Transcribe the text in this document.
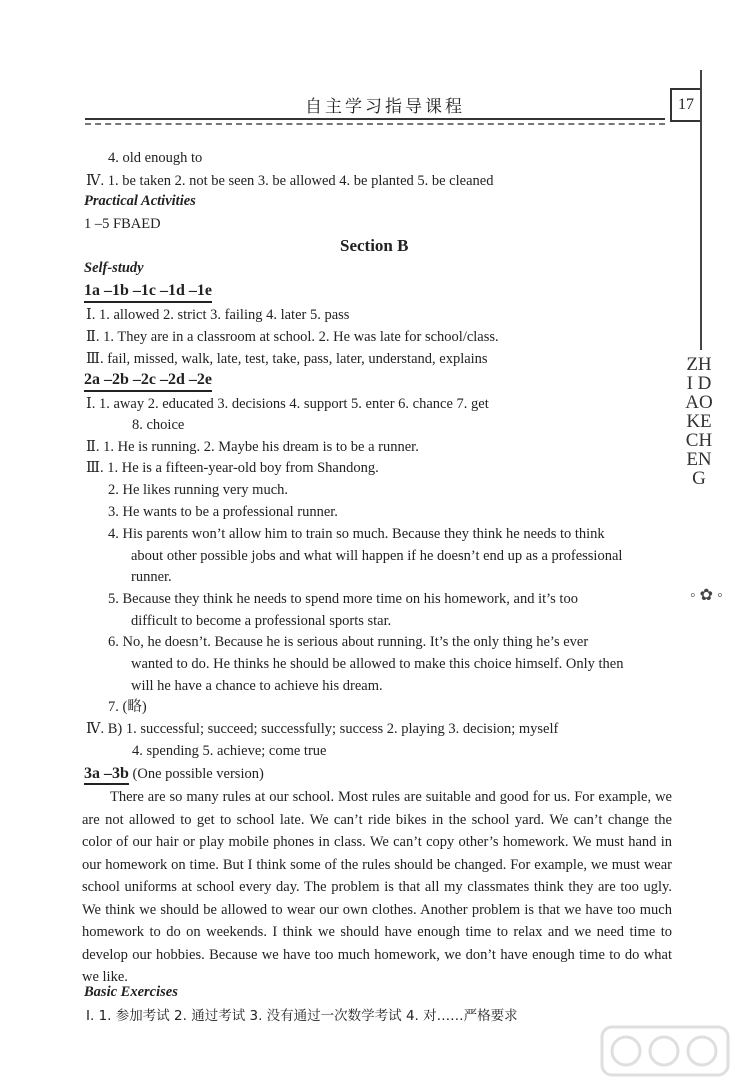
自主学习指导课程	17
ZHI DAO KE CHENG
◦ ✿ ◦
4. old enough to
Ⅳ. 1. be taken 2. not be seen 3. be allowed 4. be planted 5. be cleaned
Practical Activities
1 –5 FBAED
Section B
Self-study
1a –1b –1c –1d –1e
Ⅰ. 1. allowed 2. strict 3. failing 4. later 5. pass
Ⅱ. 1. They are in a classroom at school. 2. He was late for school/class.
Ⅲ. fail, missed, walk, late, test, take, pass, later, understand, explains
2a –2b –2c –2d –2e
Ⅰ. 1. away 2. educated 3. decisions 4. support 5. enter 6. chance 7. get
8. choice
Ⅱ. 1. He is running. 2. Maybe his dream is to be a runner.
Ⅲ. 1. He is a fifteen-year-old boy from Shandong.
2. He likes running very much.
3. He wants to be a professional runner.
4. His parents won’t allow him to train so much. Because they think he needs to think
about other possible jobs and what will happen if he doesn’t end up as a professional
runner.
5. Because they think he needs to spend more time on his homework, and it’s too
difficult to become a professional sports star.
6. No, he doesn’t. Because he is serious about running. It’s the only thing he’s ever
wanted to do. He thinks he should be allowed to make this choice himself. Only then
will he have a chance to achieve his dream.
7. (略)
Ⅳ. B) 1. successful; succeed; successfully; success 2. playing 3. decision; myself
4. spending 5. achieve; come true
3a –3b (One possible version)
There are so many rules at our school. Most rules are suitable and good for us. For example, we are not allowed to get to school late. We can’t ride bikes in the school yard. We can’t change the color of our hair or play mobile phones in class. We can’t copy other’s homework. We must hand in our homework on time. But I think some of the rules should be changed. For example, we must wear school uniforms at school every day. The problem is that all my classmates think they are too ugly. We think we should be allowed to wear our own clothes. Another problem is that we have too much homework to do on weekends. I think we should have enough time to relax and we need time to develop our hobbies. Because we have too much homework, we don’t have enough time to do what we like.
Basic Exercises
Ⅰ. 1. 参加考试 2. 通过考试 3. 没有通过一次数学考试 4. 对……严格要求
